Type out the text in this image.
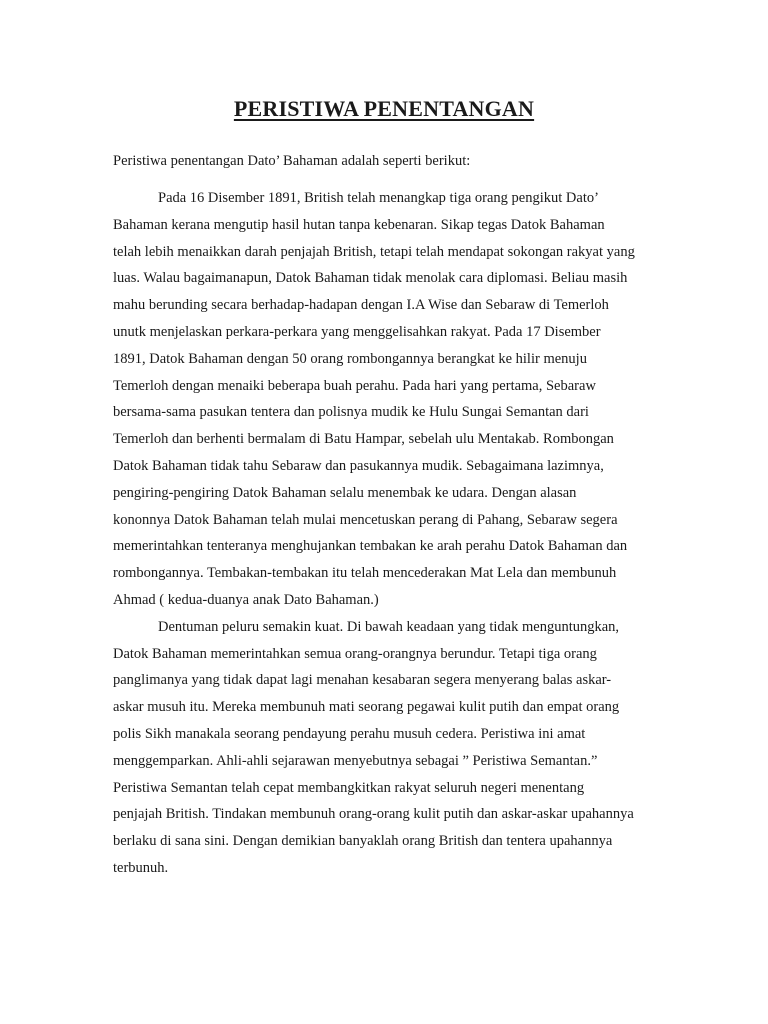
PERISTIWA PENENTANGAN

Peristiwa penentangan Dato’ Bahaman adalah seperti berikut:

Pada 16 Disember 1891, British telah menangkap tiga orang pengikut Dato’
Bahaman kerana mengutip hasil hutan tanpa kebenaran. Sikap tegas Datok Bahaman
telah lebih menaikkan darah penjajah British, tetapi telah mendapat sokongan rakyat yang
luas. Walau bagaimanapun, Datok Bahaman tidak menolak cara diplomasi. Beliau masih
mahu berunding secara berhadap-hadapan dengan I.A Wise dan Sebaraw di Temerloh
unutk menjelaskan perkara-perkara yang menggelisahkan rakyat. Pada 17 Disember
1891, Datok Bahaman dengan 50 orang rombongannya berangkat ke hilir menuju
Temerloh dengan menaiki beberapa buah perahu. Pada hari yang pertama, Sebaraw
bersama-sama pasukan tentera dan polisnya mudik ke Hulu Sungai Semantan dari
Temerloh dan berhenti bermalam di Batu Hampar, sebelah ulu Mentakab. Rombongan
Datok Bahaman tidak tahu Sebaraw dan pasukannya mudik. Sebagaimana lazimnya,
pengiring-pengiring Datok Bahaman selalu menembak ke udara. Dengan alasan
kononnya Datok Bahaman telah mulai mencetuskan perang di Pahang, Sebaraw segera
memerintahkan tenteranya menghujankan tembakan ke arah perahu Datok Bahaman dan
rombongannya. Tembakan-tembakan itu telah mencederakan Mat Lela dan membunuh
Ahmad ( kedua-duanya anak Dato Bahaman.)
Dentuman peluru semakin kuat. Di bawah keadaan yang tidak menguntungkan,
Datok Bahaman memerintahkan semua orang-orangnya berundur. Tetapi tiga orang
panglimanya yang tidak dapat lagi menahan kesabaran segera menyerang balas askar-
askar musuh itu. Mereka membunuh mati seorang pegawai kulit putih dan empat orang
polis Sikh manakala seorang pendayung perahu musuh cedera. Peristiwa ini amat
menggemparkan. Ahli-ahli sejarawan menyebutnya sebagai ” Peristiwa Semantan.”
Peristiwa Semantan telah cepat membangkitkan rakyat seluruh negeri menentang
penjajah British. Tindakan membunuh orang-orang kulit putih dan askar-askar upahannya
berlaku di sana sini. Dengan demikian banyaklah orang British dan tentera upahannya
terbunuh.
